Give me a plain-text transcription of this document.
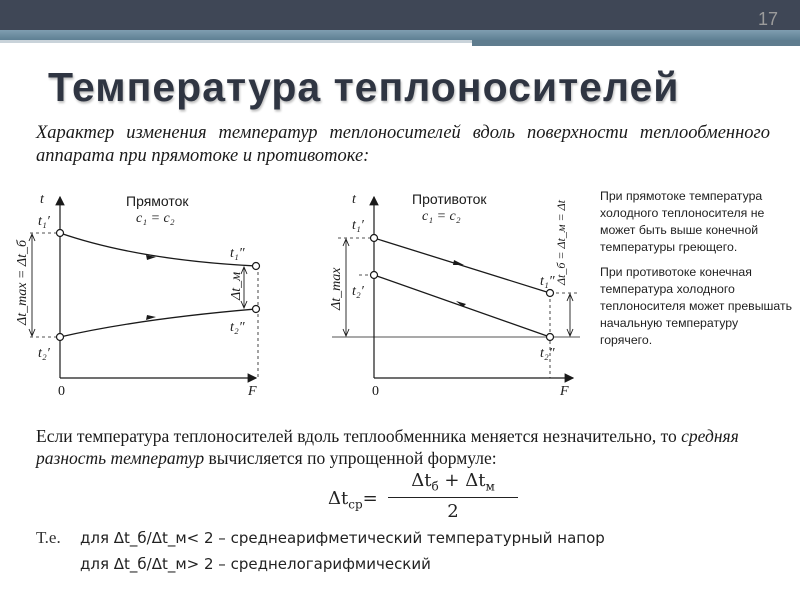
17
Температура теплоносителей

Характер изменения температур теплоносителей вдоль поверхности теплообменного аппарата при прямотоке и противотоке:

t
F
0
Прямоток
c₁ = c₂
Δt_max = Δt_б	Δt_м
t₁′
t₂′
t₁″
t₂″
t
F
0
Противоток
c₁ = c₂
Δt_max
Δt_б = Δt_м = Δt
t₁′
t₂′
t₁″
t₂″

При прямотоке температура холодного теплоносителя не может быть выше конечной температуры греющего.

При противотоке конечная температура холодного теплоносителя может превышать начальную температуру горячего.

Если температура теплоносителей вдоль теплообменника меняется незначительно, то средняя разность температур вычисляется по упрощенной формуле:

$\Delta t_{ср}=$
$\Delta t_б + \Delta t_м$
2
Т.е. для Δt_б/Δt_м< 2 – среднеарифметический температурный напор
для Δt_б/Δt_м> 2 – среднелогарифмический
